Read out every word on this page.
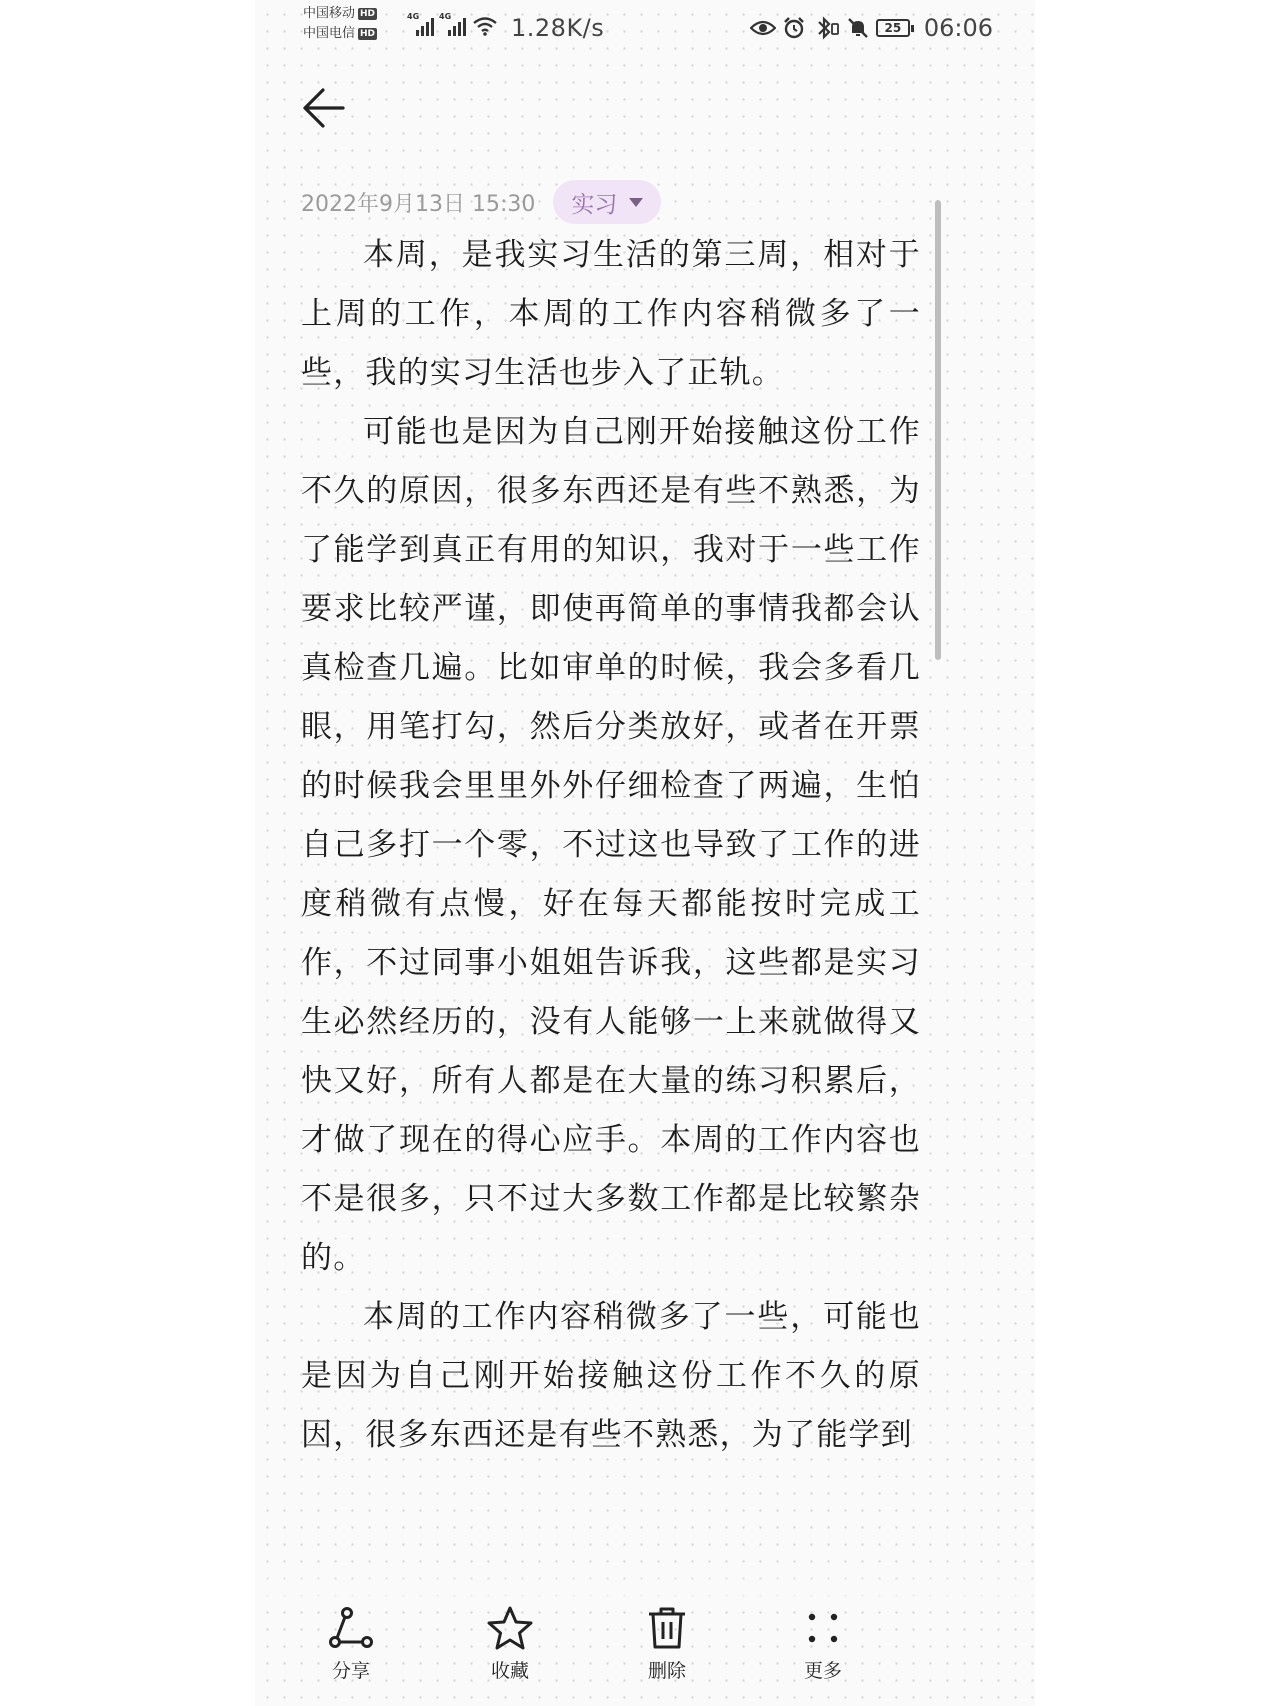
中国移动 HD
中国电信 HD
4G 4G 1.28K/s	25 06:06
2022年9月13日 15:30 实习

本周，是我实习生活的第三周，相对于上周的工作，本周的工作内容稍微多了一些，我的实习生活也步入了正轨。

可能也是因为自己刚开始接触这份工作不久的原因，很多东西还是有些不熟悉，为了能学到真正有用的知识，我对于一些工作要求比较严谨，即使再简单的事情我都会认真检查几遍。比如审单的时候，我会多看几眼，用笔打勾，然后分类放好，或者在开票的时候我会里里外外仔细检查了两遍，生怕自己多打一个零，不过这也导致了工作的进度稍微有点慢，好在每天都能按时完成工作，不过同事小姐姐告诉我，这些都是实习生必然经历的，没有人能够一上来就做得又快又好，所有人都是在大量的练习积累后，才做了现在的得心应手。本周的工作内容也不是很多，只不过大多数工作都是比较繁杂的。

本周的工作内容稍微多了一些，可能也是因为自己刚开始接触这份工作不久的原因，很多东西还是有些不熟悉，为了能学到

分享	收藏	删除	更多
